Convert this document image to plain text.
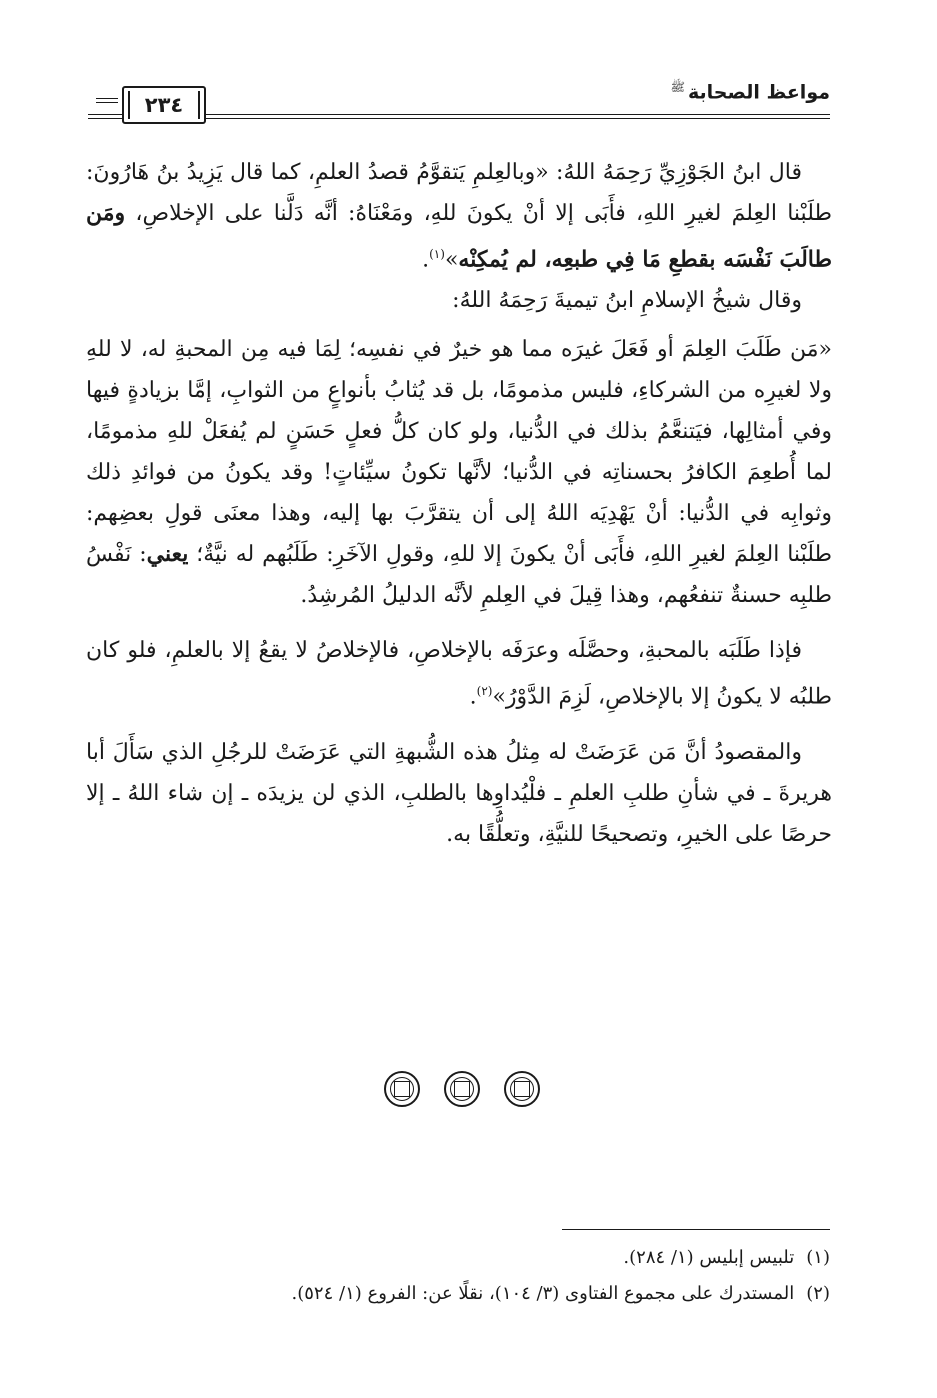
مواعظ الصحابة$^ﷺ$
٢٣٤

قال ابنُ الجَوْزِيِّ رَحِمَهُ اللهُ: «وبالعِلمِ يَتقوَّمُ قصدُ العلمِ، كما قال يَزِيدُ بنُ هَارُونَ: طلَبْنا العِلمَ لغيرِ اللهِ، فأَبَى إلا أنْ يكونَ للهِ، ومَعْنَاهُ: أنَّه دَلَّنا على الإخلاصِ، ومَن طالَبَ نَفْسَه بقطعِ مَا فِي طبعِه، لم يُمكِنْه»$^{(١)}$.

وقال شيخُ الإسلامِ ابنُ تيميةَ رَحِمَهُ اللهُ:

«مَن طَلَبَ العِلمَ أو فَعَلَ غيرَه مما هو خيرٌ في نفسِه؛ لِمَا فيه مِن المحبةِ له، لا للهِ ولا لغيرِه من الشركاءِ، فليس مذمومًا، بل قد يُثابُ بأنواعٍ من الثوابِ، إمَّا بزيادةٍ فيها وفي أمثالِها، فيَتنعَّمُ بذلك في الدُّنيا، ولو كان كلُّ فعلٍ حَسَنٍ لم يُفعَلْ للهِ مذمومًا، لما أُطعِمَ الكافرُ بحسناتِه في الدُّنيا؛ لأنَّها تكونُ سيِّئاتٍ! وقد يكونُ من فوائدِ ذلك وثوابِه في الدُّنيا: أنْ يَهْدِيَه اللهُ إلى أن يتقرَّبَ بها إليه، وهذا معنَى قولِ بعضِهم: طلَبْنا العِلمَ لغيرِ اللهِ، فأَبَى أنْ يكونَ إلا للهِ، وقولِ الآخَرِ: طَلَبُهم له نيَّةٌ؛ يعني: نَفْسُ طلبِه حسنةٌ تنفعُهم، وهذا قِيلَ في العِلمِ لأنَّه الدليلُ المُرشِدُ.

فإذا طَلَبَه بالمحبةِ، وحصَّلَه وعرَفَه بالإخلاصِ، فالإخلاصُ لا يقعُ إلا بالعلمِ، فلو كان طلبُه لا يكونُ إلا بالإخلاصِ، لَزِمَ الدَّوْرُ»$^{(٢)}$.

والمقصودُ أنَّ مَن عَرَضَتْ له مِثلُ هذه الشُّبهةِ التي عَرَضَتْ للرجُلِ الذي سَأَلَ أبا هريرةَ ـ في شأنِ طلبِ العلمِ ـ فلْيُداوِها بالطلبِ، الذي لن يزيدَه ـ إن شاء اللهُ ـ إلا حرصًا على الخيرِ، وتصحيحًا للنيَّةِ، وتعلُّقًا به.

(١)تلبيس إبليس (١/ ٢٨٤).
(٢)المستدرك على مجموع الفتاوى (٣/ ١٠٤)، نقلًا عن: الفروع (١/ ٥٢٤).
